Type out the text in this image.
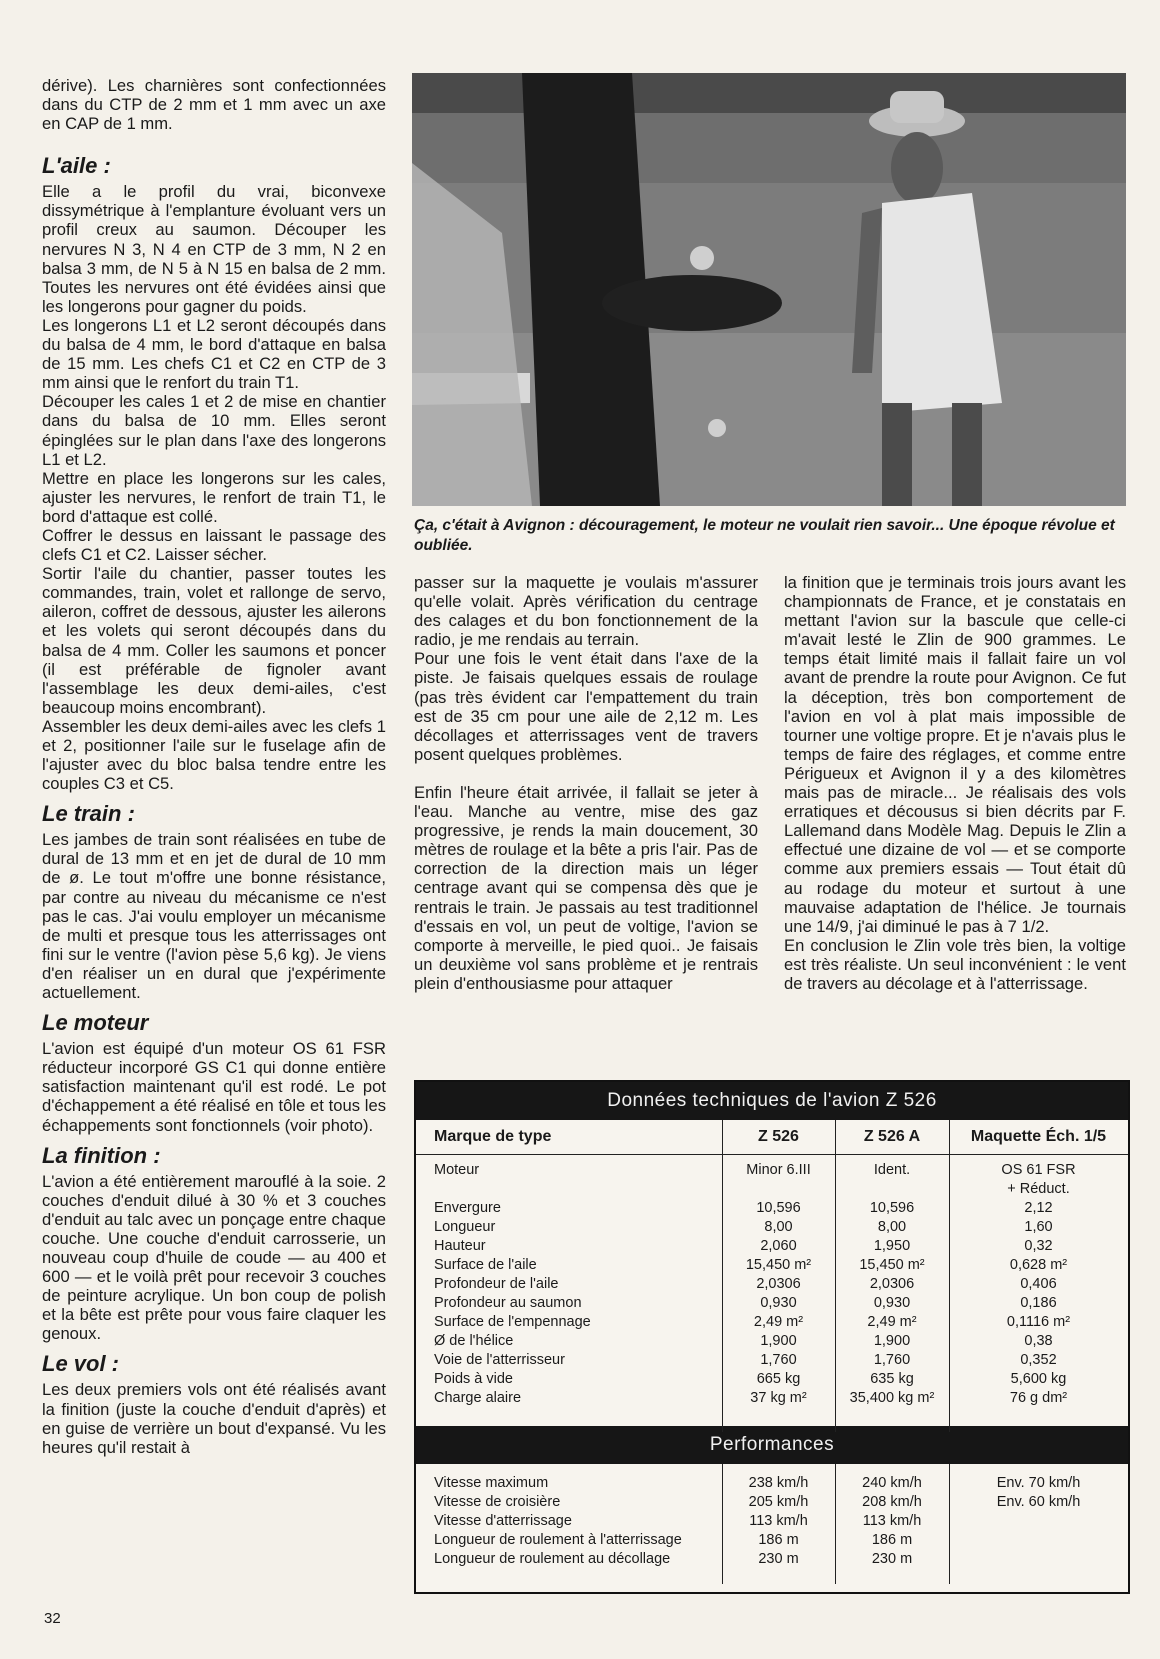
dérive). Les charnières sont confectionnées dans du CTP de 2 mm et 1 mm avec un axe en CAP de 1 mm.

L'aile :

Elle a le profil du vrai, biconvexe dissymétrique à l'emplanture évoluant vers un profil creux au saumon. Découper les nervures N 3, N 4 en CTP de 3 mm, N 2 en balsa 3 mm, de N 5 à N 15 en balsa de 2 mm. Toutes les nervures ont été évidées ainsi que les longerons pour gagner du poids.

Les longerons L1 et L2 seront découpés dans du balsa de 4 mm, le bord d'attaque en balsa de 15 mm. Les chefs C1 et C2 en CTP de 3 mm ainsi que le renfort du train T1.

Découper les cales 1 et 2 de mise en chantier dans du balsa de 10 mm. Elles seront épinglées sur le plan dans l'axe des longerons L1 et L2.

Mettre en place les longerons sur les cales, ajuster les nervures, le renfort de train T1, le bord d'attaque est collé.

Coffrer le dessus en laissant le passage des clefs C1 et C2. Laisser sécher.

Sortir l'aile du chantier, passer toutes les commandes, train, volet et rallonge de servo, aileron, coffret de dessous, ajuster les ailerons et les volets qui seront découpés dans du balsa de 4 mm. Coller les saumons et poncer (il est préférable de fignoler avant l'assemblage les deux demi-ailes, c'est beaucoup moins encombrant).

Assembler les deux demi-ailes avec les clefs 1 et 2, positionner l'aile sur le fuselage afin de l'ajuster avec du bloc balsa tendre entre les couples C3 et C5.

Le train :

Les jambes de train sont réalisées en tube de dural de 13 mm et en jet de dural de 10 mm de ø. Le tout m'offre une bonne résistance, par contre au niveau du mécanisme ce n'est pas le cas. J'ai voulu employer un mécanisme de multi et presque tous les atterrissages ont fini sur le ventre (l'avion pèse 5,6 kg). Je viens d'en réaliser un en dural que j'expérimente actuellement.

Le moteur

L'avion est équipé d'un moteur OS 61 FSR réducteur incorporé GS C1 qui donne entière satisfaction maintenant qu'il est rodé. Le pot d'échappement a été réalisé en tôle et tous les échappements sont fonctionnels (voir photo).

La finition :

L'avion a été entièrement marouflé à la soie. 2 couches d'enduit dilué à 30 % et 3 couches d'enduit au talc avec un ponçage entre chaque couche. Une couche d'enduit carrosserie, un nouveau coup d'huile de coude — au 400 et 600 — et le voilà prêt pour recevoir 3 couches de peinture acrylique. Un bon coup de polish et la bête est prête pour vous faire claquer les genoux.

Le vol :

Les deux premiers vols ont été réalisés avant la finition (juste la couche d'enduit d'après) et en guise de verrière un bout d'expansé. Vu les heures qu'il restait à

Ça, c'était à Avignon : découragement, le moteur ne voulait rien savoir... Une époque révolue et oubliée.

passer sur la maquette je voulais m'assurer qu'elle volait. Après vérification du centrage des calages et du bon fonctionnement de la radio, je me rendais au terrain.

Pour une fois le vent était dans l'axe de la piste. Je faisais quelques essais de roulage (pas très évident car l'empattement du train est de 35 cm pour une aile de 2,12 m. Les décollages et atterrissages vent de travers posent quelques problèmes.

Enfin l'heure était arrivée, il fallait se jeter à l'eau. Manche au ventre, mise des gaz progressive, je rends la main doucement, 30 mètres de roulage et la bête a pris l'air. Pas de correction de la direction mais un léger centrage avant qui se compensa dès que je rentrais le train. Je passais au test traditionnel d'essais en vol, un peut de voltige, l'avion se comporte à merveille, le pied quoi.. Je faisais un deuxième vol sans problème et je rentrais plein d'enthousiasme pour attaquer

la finition que je terminais trois jours avant les championnats de France, et je constatais en mettant l'avion sur la bascule que celle-ci m'avait lesté le Zlin de 900 grammes. Le temps était limité mais il fallait faire un vol avant de prendre la route pour Avignon. Ce fut la déception, très bon comportement de l'avion en vol à plat mais impossible de tourner une voltige propre. Et je n'avais plus le temps de faire des réglages, et comme entre Périgueux et Avignon il y a des kilomètres mais pas de miracle... Je réalisais des vols erratiques et décousus si bien décrits par F. Lallemand dans Modèle Mag. Depuis le Zlin a effectué une dizaine de vol — et se comporte comme aux premiers essais — Tout était dû au rodage du moteur et surtout à une mauvaise adaptation de l'hélice. Je tournais une 14/9, j'ai diminué le pas à 7 1/2.

En conclusion le Zlin vole très bien, la voltige est très réaliste. Un seul inconvénient : le vent de travers au décolage et à l'atterrissage.

Données techniques de l'avion Z 526
Marque de type	Z 526	Z 526 A	Maquette Éch. 1/5
Moteur	Minor 6.III	Ident.	OS 61 FSR
+ Réduct.
Envergure	10,596	10,596	2,12
Longueur	8,00	8,00	1,60
Hauteur	2,060	1,950	0,32
Surface de l'aile	15,450 m²	15,450 m²	0,628 m²
Profondeur de l'aile	2,0306	2,0306	0,406
Profondeur au saumon	0,930	0,930	0,186
Surface de l'empennage	2,49 m²	2,49 m²	0,1116 m²
Ø de l'hélice	1,900	1,900	0,38
Voie de l'atterrisseur	1,760	1,760	0,352
Poids à vide	665 kg	635 kg	5,600 kg
Charge alaire	37 kg m²	35,400 kg m²	76 g dm²
Performances
Vitesse maximum	238 km/h	240 km/h	Env. 70 km/h
Vitesse de croisière	205 km/h	208 km/h	Env. 60 km/h
Vitesse d'atterrissage	113 km/h	113 km/h
Longueur de roulement à l'atterrissage	186 m	186 m
Longueur de roulement au décollage	230 m	230 m
32
